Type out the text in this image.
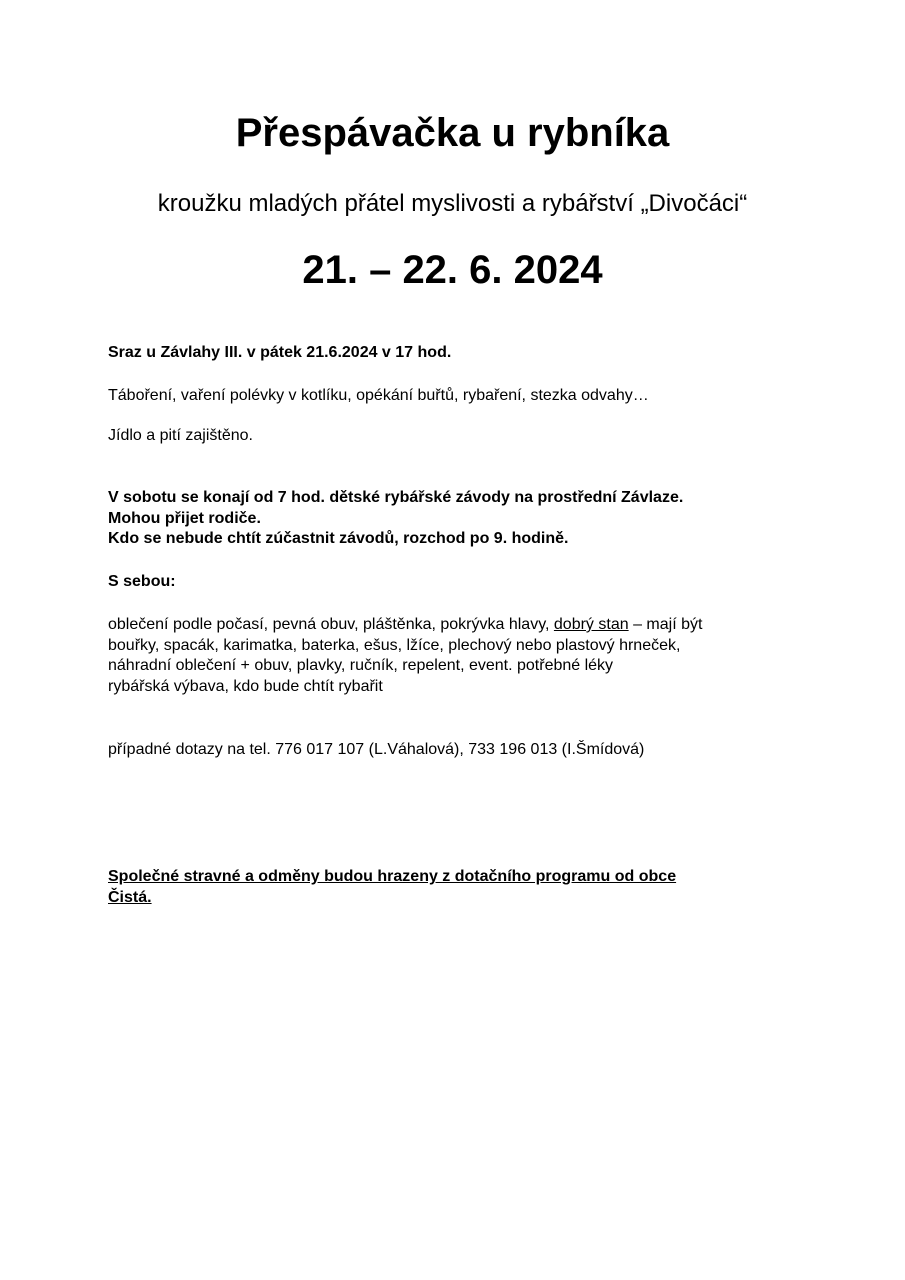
Přespávačka u rybníka
kroužku mladých přátel myslivosti a rybářství „Divočáci“
21. – 22. 6. 2024

Sraz u Závlahy III. v pátek 21.6.2024 v 17 hod.

Táboření, vaření polévky v kotlíku, opékání buřtů, rybaření, stezka odvahy…

Jídlo a pití zajištěno.

V sobotu se konají od 7 hod. dětské rybářské závody na prostřední Závlaze.
Mohou přijet rodiče.
Kdo se nebude chtít zúčastnit závodů, rozchod po 9. hodině.

S sebou:

oblečení podle počasí, pevná obuv, pláštěnka, pokrývka hlavy, dobrý stan – mají být
bouřky, spacák, karimatka, baterka, ešus, lžíce, plechový nebo plastový hrneček,
náhradní oblečení + obuv, plavky, ručník, repelent, event. potřebné léky
rybářská výbava, kdo bude chtít rybařit

případné dotazy na tel. 776 017 107 (L.Váhalová), 733 196 013 (I.Šmídová)

Společné stravné a odměny budou hrazeny z dotačního programu od obce
Čistá.
